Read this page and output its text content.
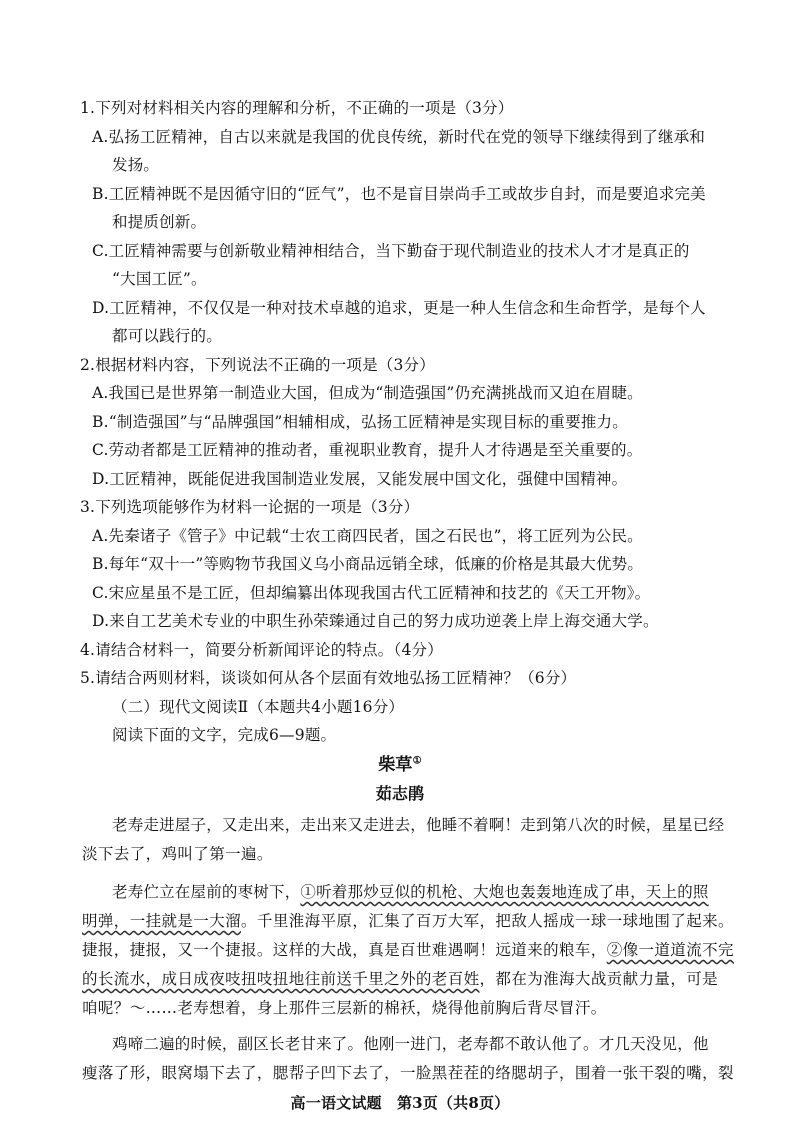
1.下列对材料相关内容的理解和分析，不正确的一项是（3分）
A.弘扬工匠精神，自古以来就是我国的优良传统，新时代在党的领导下继续得到了继承和
发扬。
B.工匠精神既不是因循守旧的“匠气”，也不是盲目崇尚手工或故步自封，而是要追求完美
和提质创新。
C.工匠精神需要与创新敬业精神相结合，当下勤奋于现代制造业的技术人才才是真正的
“大国工匠”。
D.工匠精神，不仅仅是一种对技术卓越的追求，更是一种人生信念和生命哲学，是每个人
都可以践行的。
2.根据材料内容，下列说法不正确的一项是（3分）
A.我国已是世界第一制造业大国，但成为“制造强国”仍充满挑战而又迫在眉睫。
B.“制造强国”与“品牌强国”相辅相成，弘扬工匠精神是实现目标的重要推力。
C.劳动者都是工匠精神的推动者，重视职业教育，提升人才待遇是至关重要的。
D.工匠精神，既能促进我国制造业发展，又能发展中国文化，强健中国精神。
3.下列选项能够作为材料一论据的一项是（3分）
A.先秦诸子《管子》中记载“士农工商四民者，国之石民也”，将工匠列为公民。
B.每年“双十一”等购物节我国义乌小商品远销全球，低廉的价格是其最大优势。
C.宋应星虽不是工匠，但却编纂出体现我国古代工匠精神和技艺的《天工开物》。
D.来自工艺美术专业的中职生孙荣臻通过自己的努力成功逆袭上岸上海交通大学。
4.请结合材料一，简要分析新闻评论的特点。（4分）
5.请结合两则材料，谈谈如何从各个层面有效地弘扬工匠精神？（6分）
（二）现代文阅读Ⅱ（本题共4小题16分）
阅读下面的文字，完成6—9题。
柴草①
茹志鹃
老寿走进屋子，又走出来，走出来又走进去，他睡不着啊！走到第八次的时候，星星已经
淡下去了，鸡叫了第一遍。
老寿伫立在屋前的枣树下，①听着那炒豆似的机枪、大炮也轰轰地连成了串，天上的照
明弹，一挂就是一大溜。千里淮海平原，汇集了百万大军，把敌人摇成一球一球地围了起来。
捷报，捷报，又一个捷报。这样的大战，真是百世难遇啊！远道来的粮车，②像一道道流不完
的长流水，成日成夜吱扭吱扭地往前送千里之外的老百姓，都在为淮海大战贡献力量，可是
咱呢？～……老寿想着，身上那件三层新的棉袄，烧得他前胸后背尽冒汗。
鸡啼二遍的时候，副区长老甘来了。他刚一进门，老寿都不敢认他了。才几天没见，他
瘦落了形，眼窝塌下去了，腮帮子凹下去了，一脸黑茬茬的络腮胡子，围着一张干裂的嘴，裂
高一语文试题　第3页（共8页）
